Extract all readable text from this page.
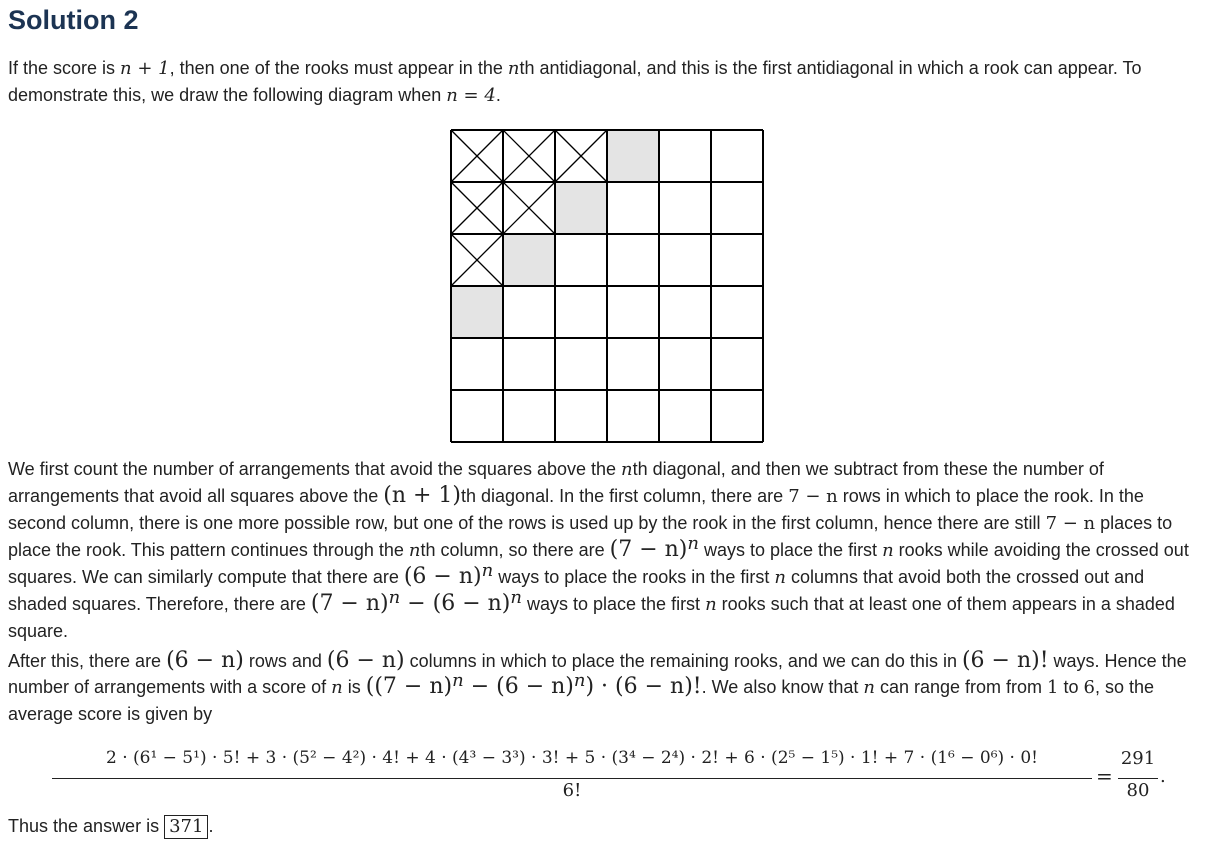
Solution 2
If the score is n + 1, then one of the rooks must appear in the nth antidiagonal, and this is the first antidiagonal in which a rook can appear. To demonstrate this, we draw the following diagram when n = 4.
We first count the number of arrangements that avoid the squares above the nth diagonal, and then we subtract from these the number of arrangements that avoid all squares above the (n + 1)th diagonal. In the first column, there are 7 − n rows in which to place the rook. In the second column, there is one more possible row, but one of the rows is used up by the rook in the first column, hence there are still 7 − n places to place the rook. This pattern continues through the nth column, so there are $(7 - n)^n$ ways to place the first n rooks while avoiding the crossed out squares. We can similarly compute that there are $(6 - n)^n$ ways to place the rooks in the first n columns that avoid both the crossed out and shaded squares. Therefore, there are $(7 - n)^n - (6 - n)^n$ ways to place the first n rooks such that at least one of them appears in a shaded square.
After this, there are (6 − n) rows and (6 − n) columns in which to place the remaining rooks, and we can do this in (6 − n)! ways. Hence the number of arrangements with a score of n is $((7 - n)^n - (6 - n)^n) \cdot (6 - n)$!. We also know that n can range from from 1 to 6, so the average score is given by
2 · (6¹ − 5¹) · 5! + 3 · (5² − 4²) · 4! + 4 · (4³ − 3³) · 3! + 5 · (3⁴ − 2⁴) · 2! + 6 · (2⁵ − 1⁵) · 1! + 7 · (1⁶ − 0⁶) · 0!
6!
=
291
80
.
Thus the answer is 371 .
